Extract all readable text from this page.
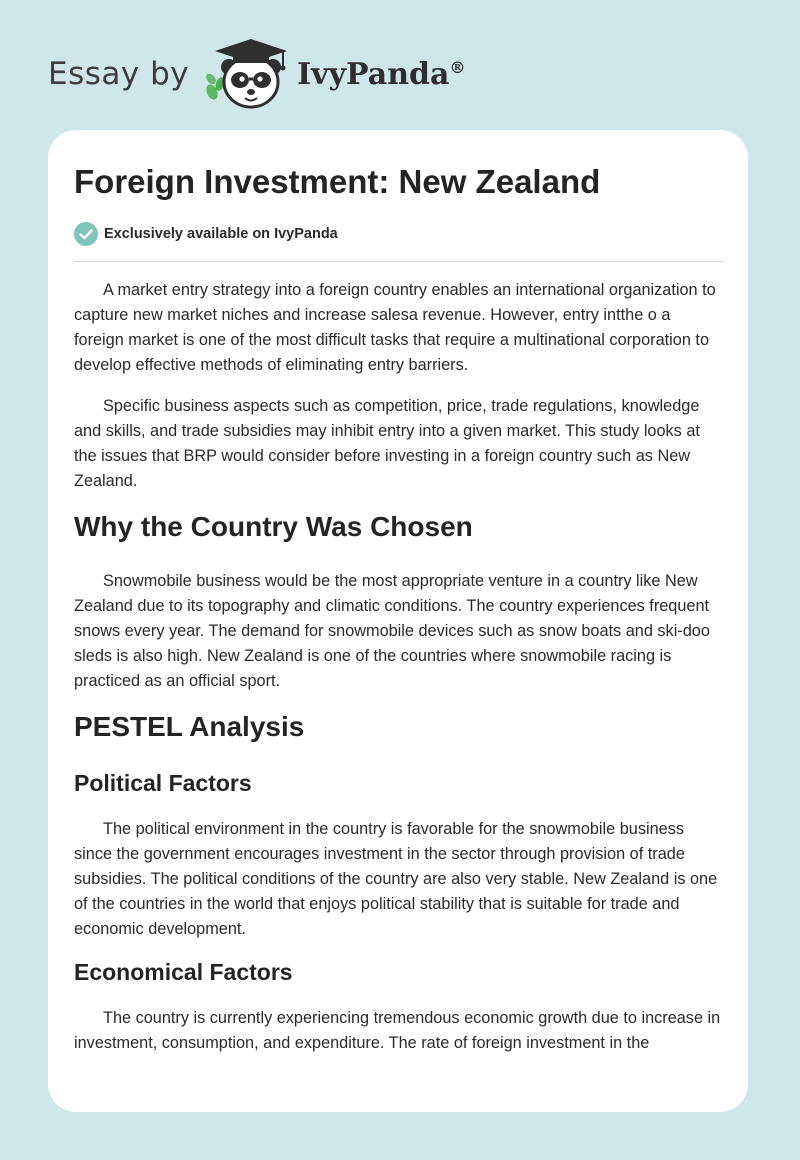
Essay by	IvyPanda®
Foreign Investment: New Zealand
Exclusively available on IvyPanda

A market entry strategy into a foreign country enables an international organization to capture new market niches and increase salesa revenue. However, entry intthe o a foreign market is one of the most difficult tasks that require a multinational corporation to develop effective methods of eliminating entry barriers.

Specific business aspects such as competition, price, trade regulations, knowledge and skills, and trade subsidies may inhibit entry into a given market. This study looks at the issues that BRP would consider before investing in a foreign country such as New Zealand.

Why the Country Was Chosen

Snowmobile business would be the most appropriate venture in a country like New Zealand due to its topography and climatic conditions. The country experiences frequent snows every year. The demand for snowmobile devices such as snow boats and ski-doo sleds is also high. New Zealand is one of the countries where snowmobile racing is practiced as an official sport.

PESTEL Analysis
Political Factors

The political environment in the country is favorable for the snowmobile business since the government encourages investment in the sector through provision of trade subsidies. The political conditions of the country are also very stable. New Zealand is one of the countries in the world that enjoys political stability that is suitable for trade and economic development.

Economical Factors

The country is currently experiencing tremendous economic growth due to increase in investment, consumption, and expenditure. The rate of foreign investment in the
